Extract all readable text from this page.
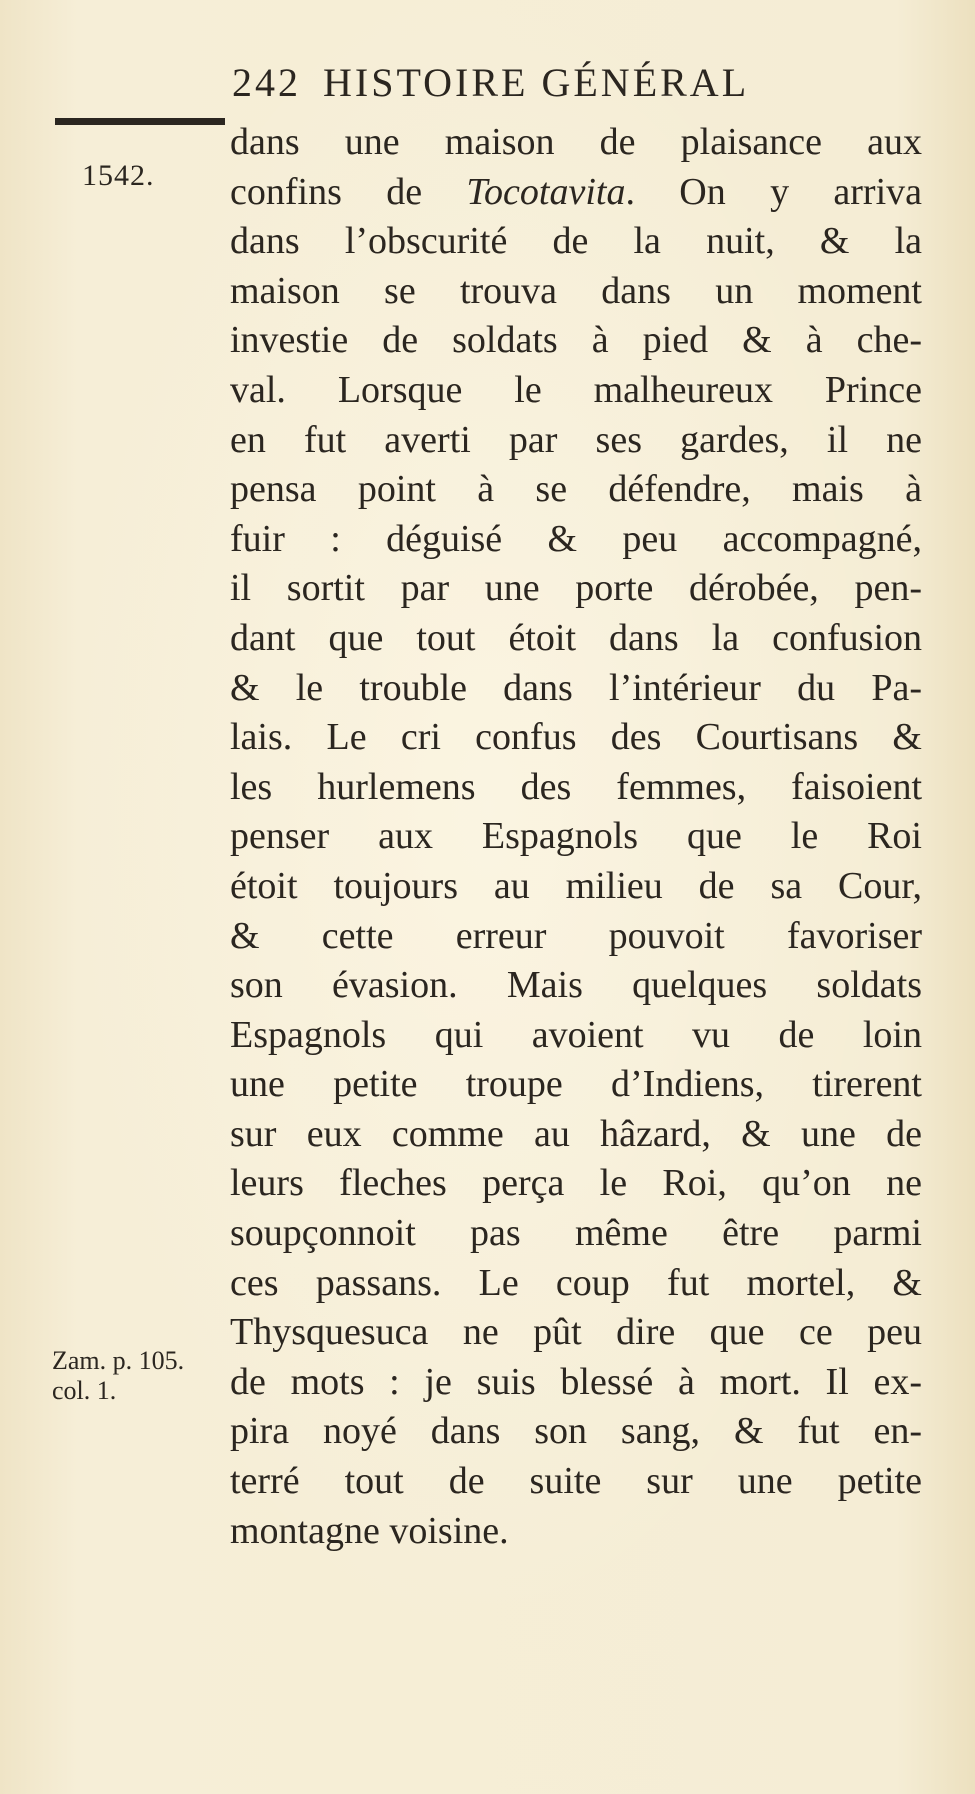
242 HISTOIRE GÉNÉRAL
1542.
dans une maison de plaisance aux
confins de Tocotavita. On y arriva
dans l’obscurité de la nuit, & la
maison se trouva dans un moment
investie de soldats à pied & à che-
val. Lorsque le malheureux Prince
en fut averti par ses gardes, il ne
pensa point à se défendre, mais à
fuir : déguisé & peu accompagné,
il sortit par une porte dérobée, pen-
dant que tout étoit dans la confusion
& le trouble dans l’intérieur du Pa-
lais. Le cri confus des Courtisans &
les hurlemens des femmes, faisoient
penser aux Espagnols que le Roi
étoit toujours au milieu de sa Cour,
& cette erreur pouvoit favoriser
son évasion. Mais quelques soldats
Espagnols qui avoient vu de loin
une petite troupe d’Indiens, tirerent
sur eux comme au hâzard, & une de
leurs fleches perça le Roi, qu’on ne
soupçonnoit pas même être parmi
ces passans. Le coup fut mortel, &
Thysquesuca ne pût dire que ce peu
de mots : je suis blessé à mort. Il ex-
pira noyé dans son sang, & fut en-
terré tout de suite sur une petite
montagne voisine.
Zam. p. 105.
col. 1.
